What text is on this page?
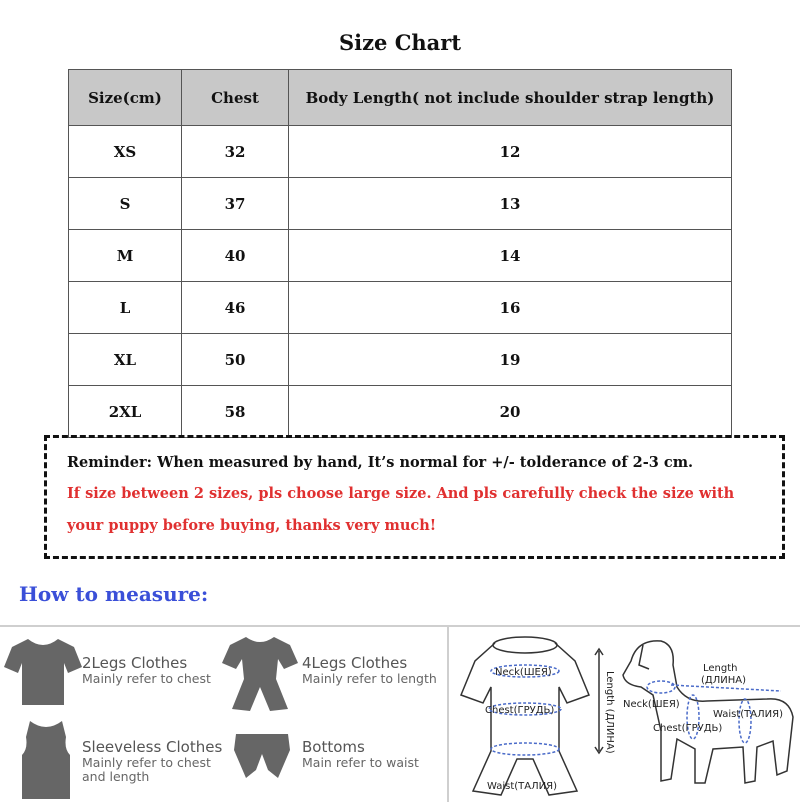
Size Chart
Size(cm)	Chest	Body Length( not include shoulder strap length)
XS	32	12
S	37	13
M	40	14
L	46	16
XL	50	19
2XL	58	20

Reminder: When measured by hand, It’s normal for +/- tolderance of 2-3 cm.

If size between 2 sizes, pls choose large size. And pls carefully check the size with

your puppy before buying, thanks very much!

How to measure:
2Legs Clothes
Mainly refer to chest
4Legs Clothes
Mainly refer to length
Sleeveless Clothes
Mainly refer to chest
and length
Bottoms
Main refer to waist
Neck(ШЕЯ)
Chest(ГРУДЬ)
Waist(ТАЛИЯ)
Length (ДЛИНА)
Length
(ДЛИНА)
Neck(ШЕЯ)
Chest(ГРУДЬ)
Waist(ТАЛИЯ)
